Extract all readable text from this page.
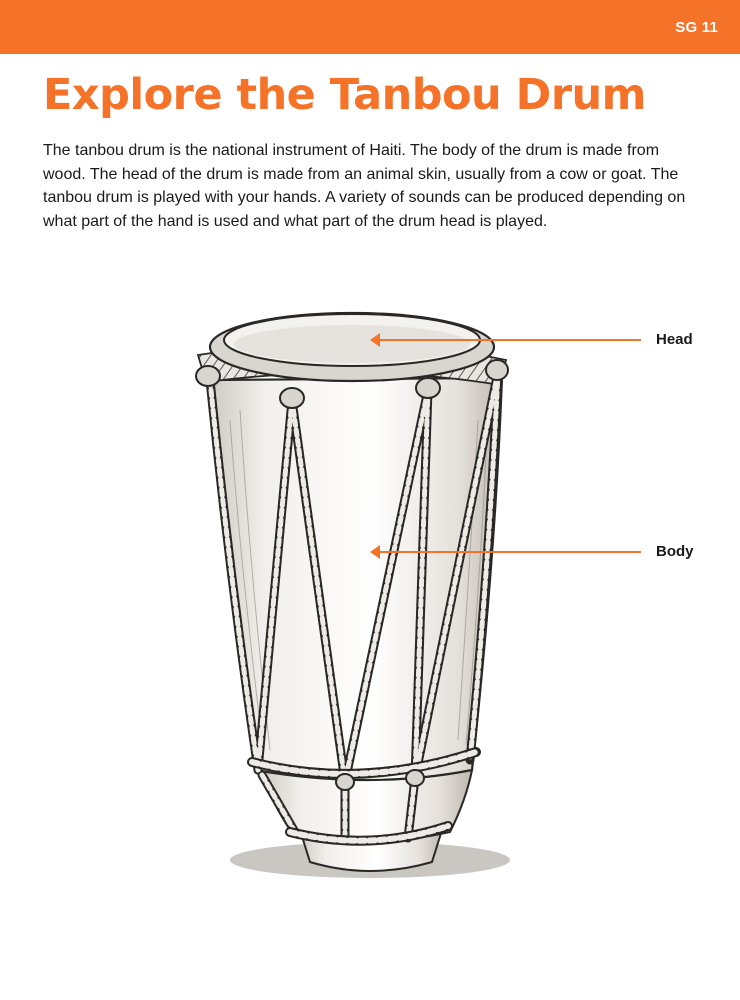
SG 11
Explore the Tanbou Drum

The tanbou drum is the national instrument of Haiti. The body of the drum is made from wood. The head of the drum is made from an animal skin, usually from a cow or goat. The tanbou drum is played with your hands. A variety of sounds can be produced depending on what part of the hand is used and what part of the drum head is played.

Head
Body
